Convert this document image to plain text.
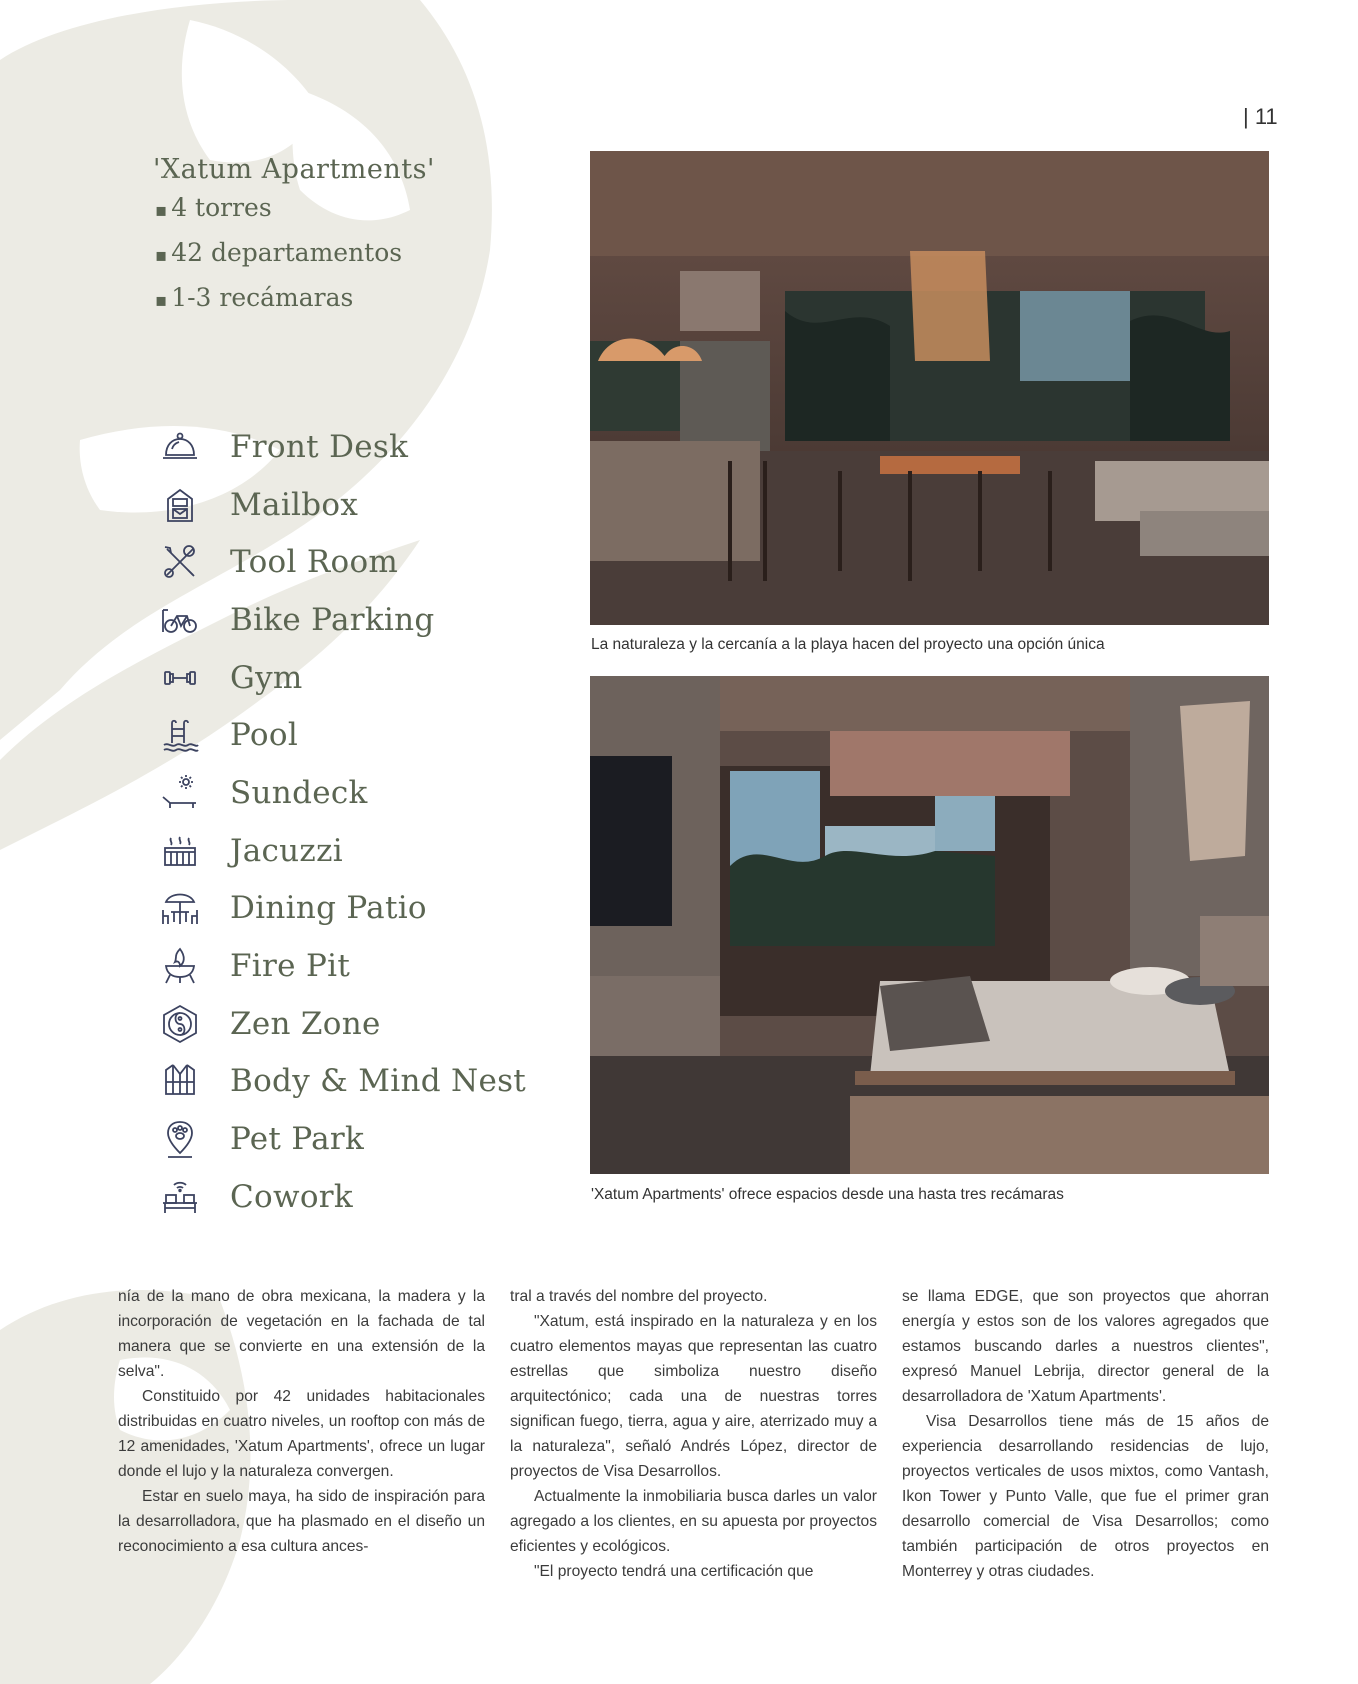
| 11
'Xatum Apartments'
▪ 4 torres
▪ 42 departamentos
▪ 1-3 recámaras
Front Desk
Mailbox
Tool Room
Bike Parking
Gym
Pool
Sundeck
Jacuzzi
Dining Patio
Fire Pit
Zen Zone
Body & Mind Nest
Pet Park
Cowork
La naturaleza y la cercanía a la playa hacen del proyecto una opción única
'Xatum Apartments' ofrece espacios desde una hasta tres recámaras

nía de la mano de obra mexicana, la madera y la incorporación de vegetación en la fachada de tal manera que se convierte en una extensión de la selva".

Constituido por 42 unidades habitacionales distribuidas en cuatro niveles, un rooftop con más de 12 amenidades, 'Xatum Apartments', ofrece un lugar donde el lujo y la naturaleza convergen.

Estar en suelo maya, ha sido de inspiración para la desarrolladora, que ha plasmado en el diseño un reconocimiento a esa cultura ances-

tral a través del nombre del proyecto.

"Xatum, está inspirado en la naturaleza y en los cuatro elementos mayas que representan las cuatro estrellas que simboliza nuestro diseño arquitectónico; cada una de nuestras torres significan fuego, tierra, agua y aire, aterrizado muy a la naturaleza", señaló Andrés López, director de proyectos de Visa Desarrollos.

Actualmente la inmobiliaria busca darles un valor agregado a los clientes, en su apuesta por proyectos eficientes y ecológicos.

"El proyecto tendrá una certificación que

se llama EDGE, que son proyectos que ahorran energía y estos son de los valores agregados que estamos buscando darles a nuestros clientes", expresó Manuel Lebrija, director general de la desarrolladora de 'Xatum Apartments'.

Visa Desarrollos tiene más de 15 años de experiencia desarrollando residencias de lujo, proyectos verticales de usos mixtos, como Vantash, Ikon Tower y Punto Valle, que fue el primer gran desarrollo comercial de Visa Desarrollos; como también participación de otros proyectos en Monterrey y otras ciudades.
